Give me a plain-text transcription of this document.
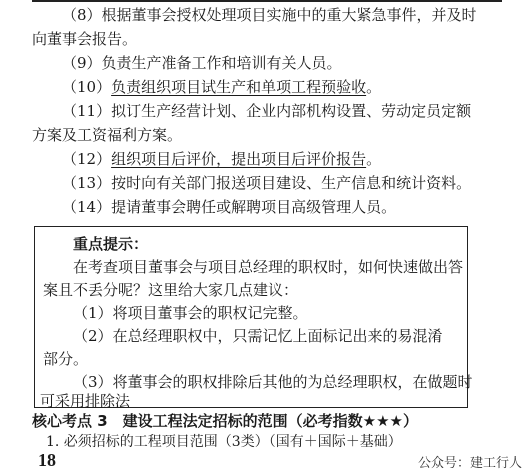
（8）根据董事会授权处理项目实施中的重大紧急事件，并及时
向董事会报告。
（9）负责生产准备工作和培训有关人员。
（10）负责组织项目试生产和单项工程预验收。
（11）拟订生产经营计划、企业内部机构设置、劳动定员定额
方案及工资福利方案。
（12）组织项目后评价，提出项目后评价报告。
（13）按时向有关部门报送项目建设、生产信息和统计资料。
（14）提请董事会聘任或解聘项目高级管理人员。
重点提示：
在考查项目董事会与项目总经理的职权时，如何快速做出答
案且不丢分呢？这里给大家几点建议：
（1）将项目董事会的职权记完整。
（2）在总经理职权中，只需记忆上面标记出来的易混淆
部分。
（3）将董事会的职权排除后其他的为总经理职权，在做题时
可采用排除法
核心考点 3　建设工程法定招标的范围（必考指数★★★）
1. 必须招标的工程项目范围（3类）（国有＋国际＋基础）
18	公众号：建工行人
